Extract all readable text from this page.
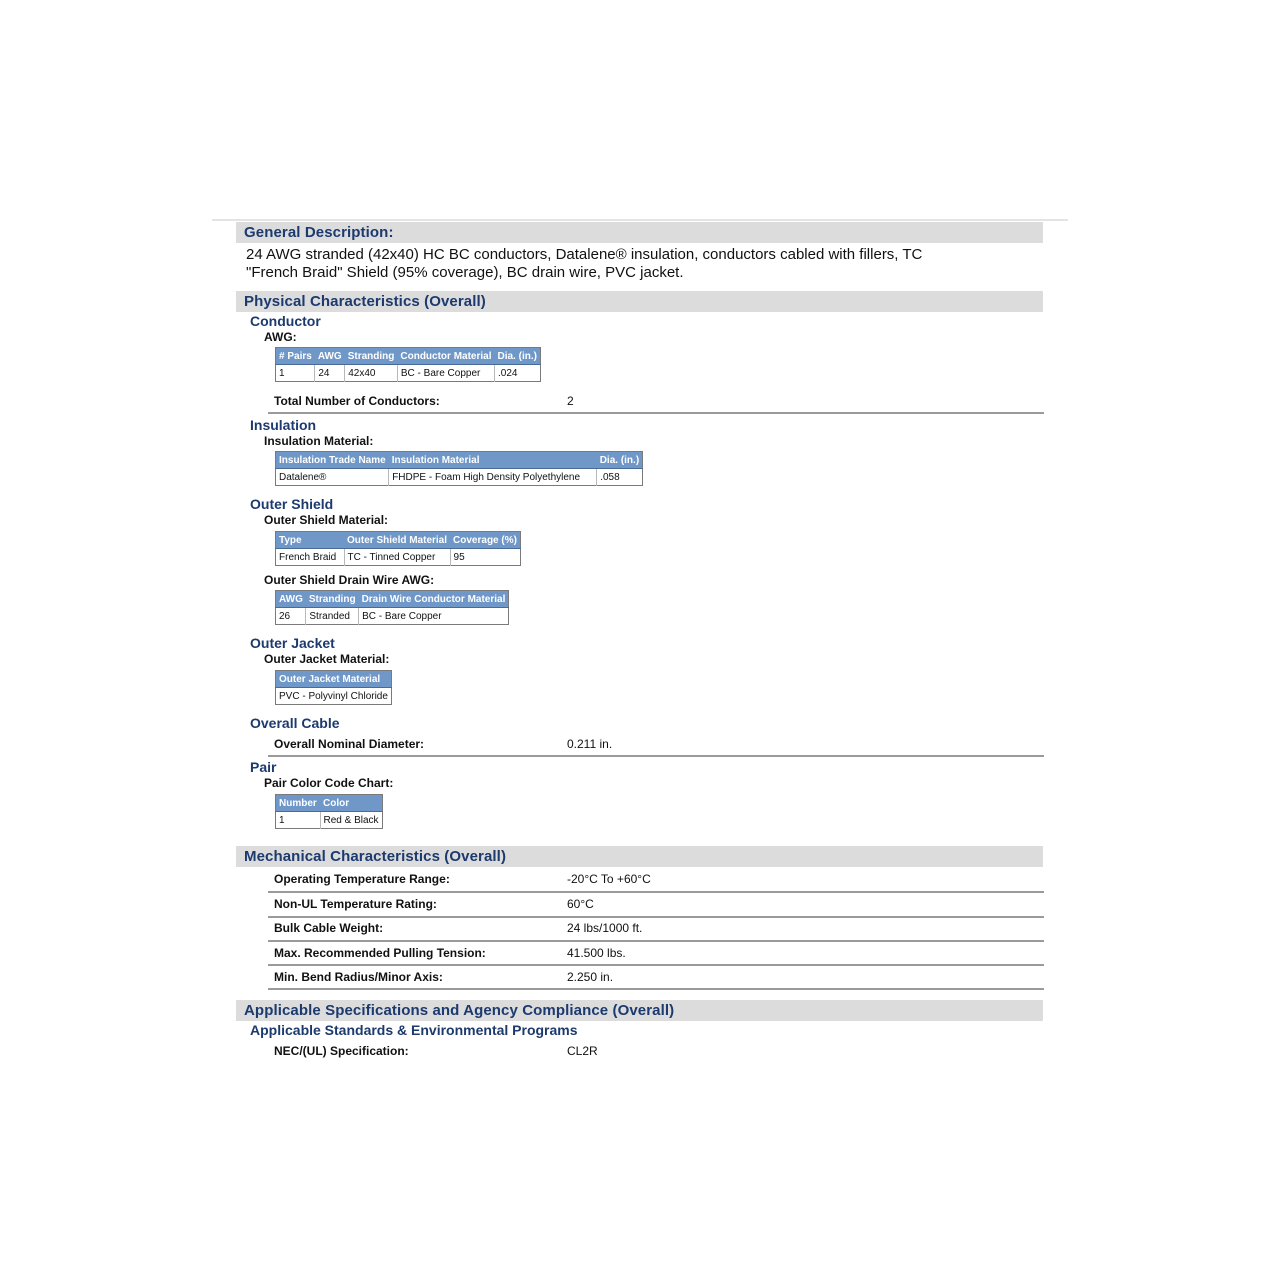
General Description:
24 AWG stranded (42x40) HC BC conductors, Datalene® insulation, conductors cabled with fillers, TC
"French Braid" Shield (95% coverage), BC drain wire, PVC jacket.
Physical Characteristics (Overall)
Conductor
AWG:
# Pairs	AWG	Stranding	Conductor Material	Dia. (in.)
1	24	42x40	BC - Bare Copper	.024
Total Number of Conductors:	2
Insulation
Insulation Material:
Insulation Trade Name	Insulation Material	Dia. (in.)
Datalene®	FHDPE - Foam High Density Polyethylene	.058
Outer Shield
Outer Shield Material:
Type	Outer Shield Material	Coverage (%)
French Braid	TC - Tinned Copper	95
Outer Shield Drain Wire AWG:
AWG	Stranding	Drain Wire Conductor Material
26	Stranded	BC - Bare Copper
Outer Jacket
Outer Jacket Material:
Outer Jacket Material
PVC - Polyvinyl Chloride
Overall Cable
Overall Nominal Diameter:	0.211 in.
Pair
Pair Color Code Chart:
Number	Color
1	Red & Black
Mechanical Characteristics (Overall)
Operating Temperature Range:	-20°C To +60°C
Non-UL Temperature Rating:	60°C
Bulk Cable Weight:	24 lbs/1000 ft.
Max. Recommended Pulling Tension:	41.500 lbs.
Min. Bend Radius/Minor Axis:	2.250 in.
Applicable Specifications and Agency Compliance (Overall)
Applicable Standards & Environmental Programs
NEC/(UL) Specification:	CL2R
